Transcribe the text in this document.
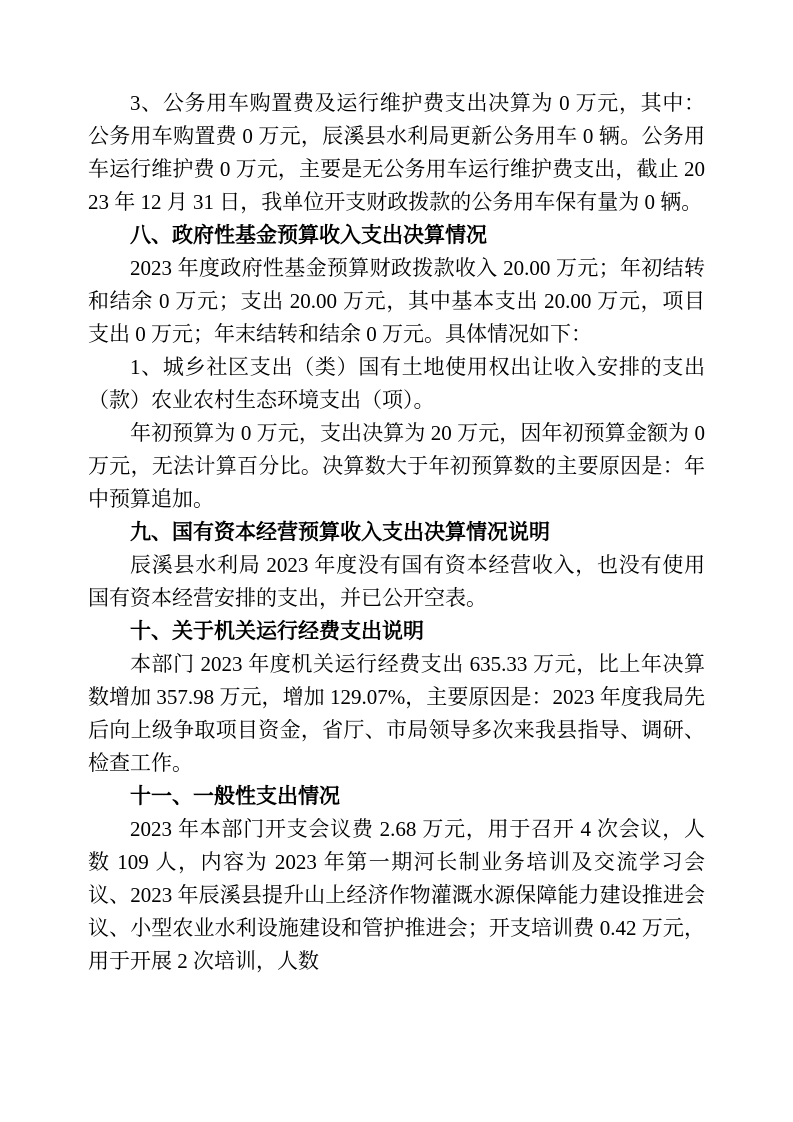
3、公务用车购置费及运行维护费支出决算为 0 万元，其中：公务用车购置费 0 万元，辰溪县水利局更新公务用车 0 辆。公务用车运行维护费 0 万元，主要是无公务用车运行维护费支出，截止 2023 年 12 月 31 日，我单位开支财政拨款的公务用车保有量为 0 辆。

八、政府性基金预算收入支出决算情况

2023 年度政府性基金预算财政拨款收入 20.00 万元；年初结转和结余 0 万元；支出 20.00 万元，其中基本支出 20.00 万元，项目支出 0 万元；年末结转和结余 0 万元。具体情况如下：

1、城乡社区支出（类）国有土地使用权出让收入安排的支出（款）农业农村生态环境支出（项）。

年初预算为 0 万元，支出决算为 20 万元，因年初预算金额为 0 万元，无法计算百分比。决算数大于年初预算数的主要原因是：年中预算追加。

九、国有资本经营预算收入支出决算情况说明

辰溪县水利局 2023 年度没有国有资本经营收入，也没有使用国有资本经营安排的支出，并已公开空表。

十、关于机关运行经费支出说明

本部门 2023 年度机关运行经费支出 635.33 万元，比上年决算数增加 357.98 万元，增加 129.07%，主要原因是：2023 年度我局先后向上级争取项目资金，省厅、市局领导多次来我县指导、调研、检查工作。

十一、一般性支出情况

2023 年本部门开支会议费 2.68 万元，用于召开 4 次会议，人数 109 人，内容为 2023 年第一期河长制业务培训及交流学习会议、2023 年辰溪县提升山上经济作物灌溉水源保障能力建设推进会议、小型农业水利设施建设和管护推进会；开支培训费 0.42 万元，用于开展 2 次培训，人数
